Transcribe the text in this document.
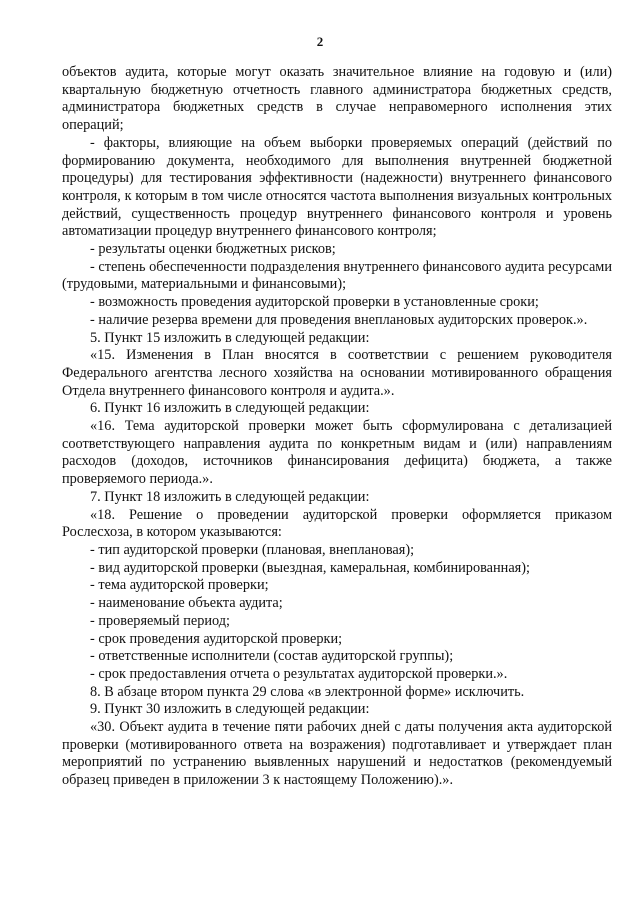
2

объектов аудита, которые могут оказать значительное влияние на годовую и (или) квартальную бюджетную отчетность главного администратора бюджетных средств, администратора бюджетных средств в случае неправомерного исполнения этих операций;

- факторы, влияющие на объем выборки проверяемых операций (действий по формированию документа, необходимого для выполнения внутренней бюджетной процедуры) для тестирования эффективности (надежности) внутреннего финансового контроля, к которым в том числе относятся частота выполнения визуальных контрольных действий, существенность процедур внутреннего финансового контроля и уровень автоматизации процедур внутреннего финансового контроля;

- результаты оценки бюджетных рисков;

- степень обеспеченности подразделения внутреннего финансового аудита ресурсами (трудовыми, материальными и финансовыми);

- возможность проведения аудиторской проверки в установленные сроки;

- наличие резерва времени для проведения внеплановых аудиторских проверок.».

5. Пункт 15 изложить в следующей редакции:

«15. Изменения в План вносятся в соответствии с решением руководителя Федерального агентства лесного хозяйства на основании мотивированного обращения Отдела внутреннего финансового контроля и аудита.».

6. Пункт 16 изложить в следующей редакции:

«16. Тема аудиторской проверки может быть сформулирована с детализацией соответствующего направления аудита по конкретным видам и (или) направлениям расходов (доходов, источников финансирования дефицита) бюджета, а также проверяемого периода.».

7. Пункт 18 изложить в следующей редакции:

«18. Решение о проведении аудиторской проверки оформляется приказом Рослесхоза, в котором указываются:

- тип аудиторской проверки (плановая, внеплановая);

- вид аудиторской проверки (выездная, камеральная, комбинированная);

- тема аудиторской проверки;

- наименование объекта аудита;

- проверяемый период;

- срок проведения аудиторской проверки;

- ответственные исполнители (состав аудиторской группы);

- срок предоставления отчета о результатах аудиторской проверки.».

8. В абзаце втором пункта 29 слова «в электронной форме» исключить.

9. Пункт 30 изложить в следующей редакции:

«30. Объект аудита в течение пяти рабочих дней с даты получения акта аудиторской проверки (мотивированного ответа на возражения) подготавливает и утверждает план мероприятий по устранению выявленных нарушений и недостатков (рекомендуемый образец приведен в приложении 3 к настоящему Положению).».
